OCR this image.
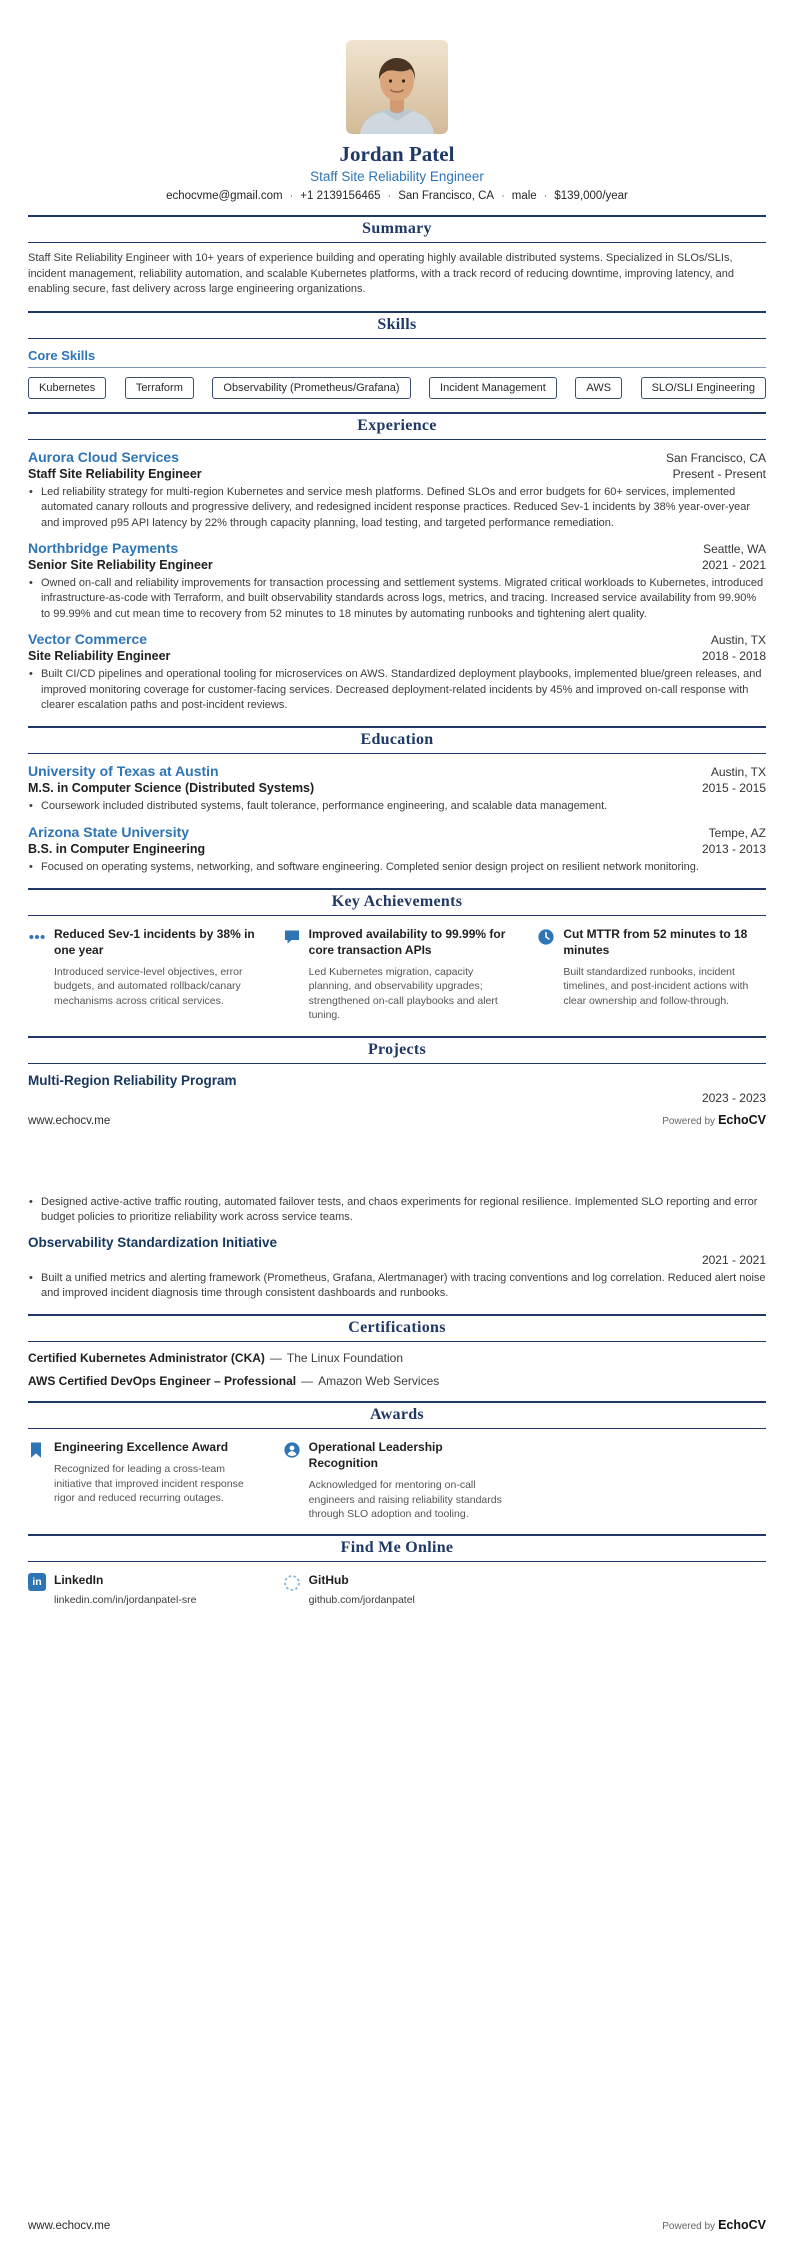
Jordan Patel
Staff Site Reliability Engineer
echocvme@gmail.com · +1 2139156465 · San Francisco, CA · male · $139,000/year
Summary

Staff Site Reliability Engineer with 10+ years of experience building and operating highly available distributed systems. Specialized in SLOs/SLIs, incident management, reliability automation, and scalable Kubernetes platforms, with a track record of reducing downtime, improving latency, and enabling secure, fast delivery across large engineering organizations.

Skills
Core Skills
Kubernetes	Terraform	Observability (Prometheus/Grafana)	Incident Management	AWS	SLO/SLI Engineering
Experience
Aurora Cloud Services	San Francisco, CA
Staff Site Reliability Engineer	Present - Present
• Led reliability strategy for multi-region Kubernetes and service mesh platforms. Defined SLOs and error budgets for 60+ services, implemented automated canary rollouts and progressive delivery, and redesigned incident response practices. Reduced Sev-1 incidents by 38% year-over-year and improved p95 API latency by 22% through capacity planning, load testing, and targeted performance remediation.
Northbridge Payments	Seattle, WA
Senior Site Reliability Engineer	2021 - 2021
• Owned on-call and reliability improvements for transaction processing and settlement systems. Migrated critical workloads to Kubernetes, introduced infrastructure-as-code with Terraform, and built observability standards across logs, metrics, and tracing. Increased service availability from 99.90% to 99.99% and cut mean time to recovery from 52 minutes to 18 minutes by automating runbooks and tightening alert quality.
Vector Commerce	Austin, TX
Site Reliability Engineer	2018 - 2018
• Built CI/CD pipelines and operational tooling for microservices on AWS. Standardized deployment playbooks, implemented blue/green releases, and improved monitoring coverage for customer-facing services. Decreased deployment-related incidents by 45% and improved on-call response with clearer escalation paths and post-incident reviews.
Education
University of Texas at Austin	Austin, TX
M.S. in Computer Science (Distributed Systems)	2015 - 2015
• Coursework included distributed systems, fault tolerance, performance engineering, and scalable data management.
Arizona State University	Tempe, AZ
B.S. in Computer Engineering	2013 - 2013
• Focused on operating systems, networking, and software engineering. Completed senior design project on resilient network monitoring.
Key Achievements
Reduced Sev-1 incidents by 38% in one year
Introduced service-level objectives, error budgets, and automated rollback/canary mechanisms across critical services.
Improved availability to 99.99% for core transaction APIs
Led Kubernetes migration, capacity planning, and observability upgrades; strengthened on-call playbooks and alert tuning.
Cut MTTR from 52 minutes to 18 minutes
Built standardized runbooks, incident timelines, and post-incident actions with clear ownership and follow-through.
Projects
Multi-Region Reliability Program
2023 - 2023
www.echocv.me	Powered by EchoCV
• Designed active-active traffic routing, automated failover tests, and chaos experiments for regional resilience. Implemented SLO reporting and error budget policies to prioritize reliability work across service teams.
Observability Standardization Initiative
2021 - 2021
• Built a unified metrics and alerting framework (Prometheus, Grafana, Alertmanager) with tracing conventions and log correlation. Reduced alert noise and improved incident diagnosis time through consistent dashboards and runbooks.
Certifications
Certified Kubernetes Administrator (CKA) — The Linux Foundation
AWS Certified DevOps Engineer – Professional — Amazon Web Services
Awards
Engineering Excellence Award
Recognized for leading a cross-team initiative that improved incident response rigor and reduced recurring outages.
Operational Leadership Recognition
Acknowledged for mentoring on-call engineers and raising reliability standards through SLO adoption and tooling.
Find Me Online
in	LinkedIn
linkedin.com/in/jordanpatel-sre
GitHub
github.com/jordanpatel
www.echocv.me	Powered by EchoCV
